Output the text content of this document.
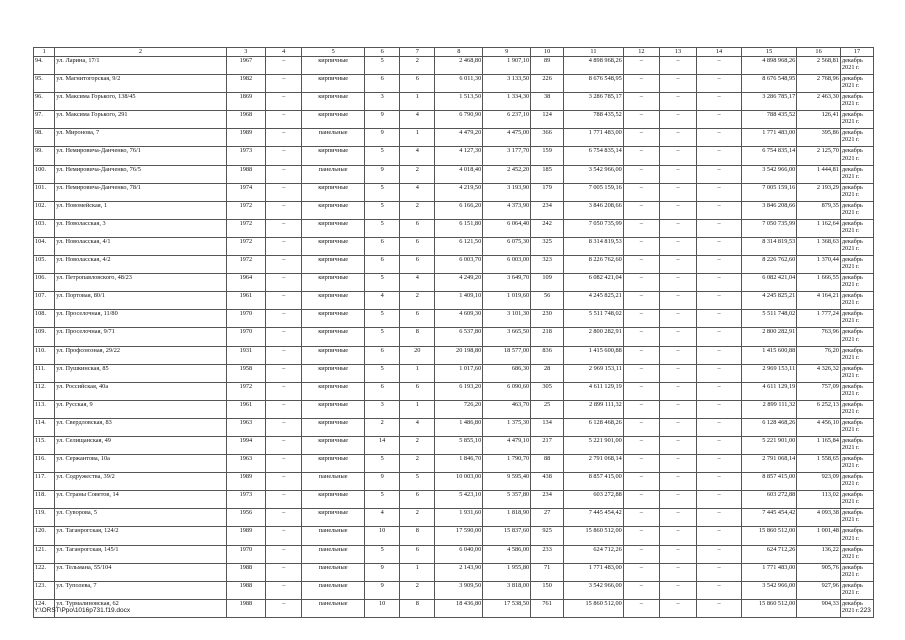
1	2	3	4	5	6	7	8	9	10	11	12	13	14	15	16	17
94.	ул. Ларина, 17/1	1967	–	кирпичные	5	2	2 468,80	1 907,10	89	4 898 968,26	–	–	–	4 898 968,26	2 568,81	декабрь 2021 г.
95.	ул. Магнитогорская, 9/2	1982	–	кирпичные	6	6	6 011,30	3 133,50	226	8 676 548,95	–	–	–	8 676 548,95	2 768,96	декабрь 2021 г.
96.	ул. Максима Горького, 138/45	1869	–	кирпичные	3	1	1 513,50	1 334,30	38	3 286 785,17	–	–	–	3 286 785,17	2 463,30	декабрь 2021 г.
97.	ул. Максима Горького, 291	1968	–	кирпичные	9	4	6 790,90	6 237,10	124	788 435,52	–	–	–	788 435,52	126,41	декабрь 2021 г.
98.	ул. Миронова, 7	1989	–	панельные	9	1	4 479,20	4 475,00	366	1 771 483,00	–	–	–	1 771 483,00	395,86	декабрь 2021 г.
99.	ул. Немировича-Данченко, 76/1	1973	–	кирпичные	5	4	4 127,30	3 177,70	159	6 754 835,14	–	–	–	6 754 835,14	2 125,70	декабрь 2021 г.
100.	ул. Немировича-Данченко, 76/5	1988	–	панельные	9	2	4 018,40	2 452,20	185	3 542 966,00	–	–	–	3 542 966,00	1 444,81	декабрь 2021 г.
101.	ул. Немировича-Данченко, 78/1	1974	–	кирпичные	5	4	4 219,50	3 193,90	179	7 005 159,16	–	–	–	7 005 159,16	2 193,29	декабрь 2021 г.
102.	ул. Новомейская, 1	1972	–	кирпичные	5	2	6 166,20	4 373,90	234	3 846 208,66	–	–	–	3 846 208,66	879,35	декабрь 2021 г.
103.	ул. Новоласская, 3	1972	–	кирпичные	5	6	6 151,80	6 064,40	242	7 050 735,99	–	–	–	7 050 735,99	1 162,64	декабрь 2021 г.
104.	ул. Новоласская, 4/1	1972	–	кирпичные	6	6	6 121,50	6 075,30	325	8 314 819,53	–	–	–	8 314 819,53	1 368,63	декабрь 2021 г.
105.	ул. Новоласская, 4/2	1972	–	кирпичные	6	6	6 003,70	6 003,00	323	8 226 762,60	–	–	–	8 226 762,60	1 370,44	декабрь 2021 г.
106.	ул. Петропавловского, 48/23	1964	–	кирпичные	5	4	4 249,20	3 649,70	109	6 082 421,04	–	–	–	6 082 421,04	1 666,55	декабрь 2021 г.
107.	ул. Портовая, 80/1	1961	–	кирпичные	4	2	1 409,10	1 019,60	56	4 245 825,21	–	–	–	4 245 825,21	4 164,21	декабрь 2021 г.
108.	ул. Проселочная, 11/80	1970	–	кирпичные	5	6	4 609,30	3 101,30	230	5 511 748,02	–	–	–	5 511 748,02	1 777,24	декабрь 2021 г.
109.	ул. Проселочная, 9/71	1970	–	кирпичные	5	8	6 537,80	3 665,50	218	2 800 282,91	–	–	–	2 800 282,91	763,96	декабрь 2021 г.
110.	ул. Профсоюзная, 29/22	1931	–	кирпичные	6	20	20 198,80	18 577,00	836	1 415 600,88	–	–	–	1 415 600,88	76,20	декабрь 2021 г.
111.	ул. Пушкинская, 85	1958	–	кирпичные	5	1	1 017,60	686,30	28	2 969 153,11	–	–	–	2 969 153,11	4 326,32	декабрь 2021 г.
112.	ул. Российская, 40а	1972	–	кирпичные	6	6	6 193,20	6 090,60	305	4 611 129,19	–	–	–	4 611 129,19	757,09	декабрь 2021 г.
113.	ул. Русская, 9	1961	–	кирпичные	3	1	726,20	463,70	25	2 899 111,32	–	–	–	2 899 111,32	6 252,13	декабрь 2021 г.
114.	ул. Свердловская, 83	1963	–	кирпичные	2	4	1 486,80	1 375,30	134	6 128 468,26	–	–	–	6 128 468,26	4 456,10	декабрь 2021 г.
115.	ул. Селищанская, 49	1994	–	кирпичные	14	2	5 855,10	4 479,10	217	5 221 901,00	–	–	–	5 221 901,00	1 165,84	декабрь 2021 г.
116.	ул. Сержантова, 10а	1963	–	кирпичные	5	2	1 846,70	1 790,70	88	2 791 068,14	–	–	–	2 791 068,14	1 558,65	декабрь 2021 г.
117.	ул. Содружества, 39/2	1989	–	панельные	9	5	10 003,00	9 595,40	438	8 857 415,00	–	–	–	8 857 415,00	923,09	декабрь 2021 г.
118.	ул. Страны Советов, 14	1973	–	кирпичные	5	6	5 423,10	5 357,80	234	603 272,88	–	–	–	603 272,88	113,02	декабрь 2021 г.
119.	ул. Суворова, 5	1956	–	кирпичные	4	2	1 931,60	1 818,90	27	7 445 454,42	–	–	–	7 445 454,42	4 093,38	декабрь 2021 г.
120.	ул. Таганрогская, 124/2	1989	–	панельные	10	8	17 590,00	15 837,60	925	15 860 512,00	–	–	–	15 860 512,00	1 001,48	декабрь 2021 г.
121.	ул. Таганрогская, 145/1	1970	–	панельные	5	6	6 040,00	4 586,00	233	624 712,26	–	–	–	624 712,26	136,22	декабрь 2021 г.
122.	ул. Тельмана, 55/104	1988	–	панельные	9	1	2 143,90	1 955,80	71	1 771 483,00	–	–	–	1 771 483,00	905,76	декабрь 2021 г.
123.	ул. Туполева, 7	1988	–	панельные	9	2	3 909,50	3 818,00	150	3 542 966,00	–	–	–	3 542 966,00	927,96	декабрь 2021 г.
124.	ул. Турмалиновская, 62	1988	–	панельные	10	8	18 436,80	17 538,50	761	15 860 512,00	–	–	–	15 860 512,00	904,33	декабрь 2021 г.
Y:\ORST\Ppo\1016p731.f19.docx	223
